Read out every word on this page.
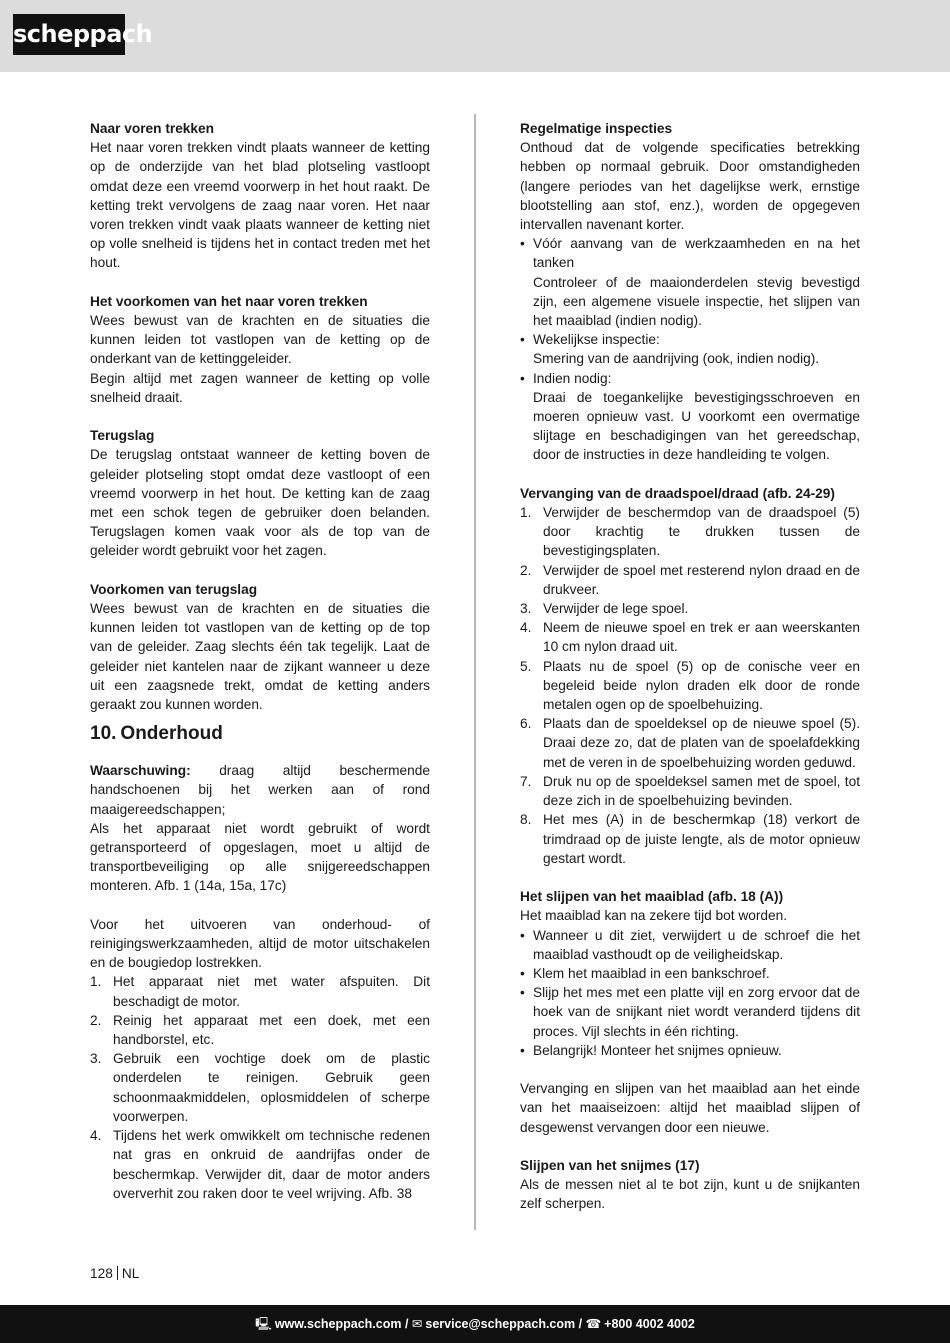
scheppach
Naar voren trekken

Het naar voren trekken vindt plaats wanneer de ketting op de onderzijde van het blad plotseling vastloopt omdat deze een vreemd voorwerp in het hout raakt. De ketting trekt vervolgens de zaag naar voren. Het naar voren trekken vindt vaak plaats wanneer de ketting niet op volle snelheid is tijdens het in contact treden met het hout.

Het voorkomen van het naar voren trekken

Wees bewust van de krachten en de situaties die kunnen leiden tot vastlopen van de ketting op de onderkant van de kettinggeleider.

Begin altijd met zagen wanneer de ketting op volle snelheid draait.

Terugslag

De terugslag ontstaat wanneer de ketting boven de geleider plotseling stopt omdat deze vastloopt of een vreemd voorwerp in het hout. De ketting kan de zaag met een schok tegen de gebruiker doen belanden. Terugslagen komen vaak voor als de top van de geleider wordt gebruikt voor het zagen.

Voorkomen van terugslag

Wees bewust van de krachten en de situaties die kunnen leiden tot vastlopen van de ketting op de top van de geleider. Zaag slechts één tak tegelijk. Laat de geleider niet kantelen naar de zijkant wanneer u deze uit een zaagsnede trekt, omdat de ketting anders geraakt zou kunnen worden.

10. Onderhoud

Waarschuwing: draag altijd beschermende handschoenen bij het werken aan of rond maaigereedschappen;

Als het apparaat niet wordt gebruikt of wordt getransporteerd of opgeslagen, moet u altijd de transportbeveiliging op alle snijgereedschappen monteren. Afb. 1 (14a, 15a, 17c)

Voor het uitvoeren van onderhoud- of reinigingswerkzaamheden, altijd de motor uitschakelen en de bougiedop lostrekken.

1. Het apparaat niet met water afspuiten. Dit beschadigt de motor.
2. Reinig het apparaat met een doek, met een handborstel, etc.
3. Gebruik een vochtige doek om de plastic onderdelen te reinigen. Gebruik geen schoonmaakmiddelen, oplosmiddelen of scherpe voorwerpen.
4. Tijdens het werk omwikkelt om technische redenen nat gras en onkruid de aandrijfas onder de beschermkap. Verwijder dit, daar de motor anders oververhit zou raken door te veel wrijving. Afb. 38
Regelmatige inspecties

Onthoud dat de volgende specificaties betrekking hebben op normaal gebruik. Door omstandigheden (langere periodes van het dagelijkse werk, ernstige blootstelling aan stof, enz.), worden de opgegeven intervallen navenant korter.

• Vóór aanvang van de werkzaamheden en na het tanken
Controleer of de maaionderdelen stevig bevestigd zijn, een algemene visuele inspectie, het slijpen van het maaiblad (indien nodig).
• Wekelijkse inspectie:
Smering van de aandrijving (ook, indien nodig).
• Indien nodig:
Draai de toegankelijke bevestigingsschroeven en moeren opnieuw vast. U voorkomt een overmatige slijtage en beschadigingen van het gereedschap, door de instructies in deze handleiding te volgen.
Vervanging van de draadspoel/draad (afb. 24-29)
1. Verwijder de beschermdop van de draadspoel (5) door krachtig te drukken tussen de bevestigingsplaten.
2. Verwijder de spoel met resterend nylon draad en de drukveer.
3. Verwijder de lege spoel.
4. Neem de nieuwe spoel en trek er aan weerskanten 10 cm nylon draad uit.
5. Plaats nu de spoel (5) op de conische veer en begeleid beide nylon draden elk door de ronde metalen ogen op de spoelbehuizing.
6. Plaats dan de spoeldeksel op de nieuwe spoel (5). Draai deze zo, dat de platen van de spoelafdekking met de veren in de spoelbehuizing worden geduwd.
7. Druk nu op de spoeldeksel samen met de spoel, tot deze zich in de spoelbehuizing bevinden.
8. Het mes (A) in de beschermkap (18) verkort de trimdraad op de juiste lengte, als de motor opnieuw gestart wordt.
Het slijpen van het maaiblad (afb. 18 (A))

Het maaiblad kan na zekere tijd bot worden.

• Wanneer u dit ziet, verwijdert u de schroef die het maaiblad vasthoudt op de veiligheidskap.
• Klem het maaiblad in een bankschroef.
• Slijp het mes met een platte vijl en zorg ervoor dat de hoek van de snijkant niet wordt veranderd tijdens dit proces. Vijl slechts in één richting.
• Belangrijk! Monteer het snijmes opnieuw.

Vervanging en slijpen van het maaiblad aan het einde van het maaiseizoen: altijd het maaiblad slijpen of desgewenst vervangen door een nieuwe.

Slijpen van het snijmes (17)

Als de messen niet al te bot zijn, kunt u de snijkanten zelf scherpen.

128 NL
🖳 www.scheppach.com / ✉ service@scheppach.com / ☎ +800 4002 4002
